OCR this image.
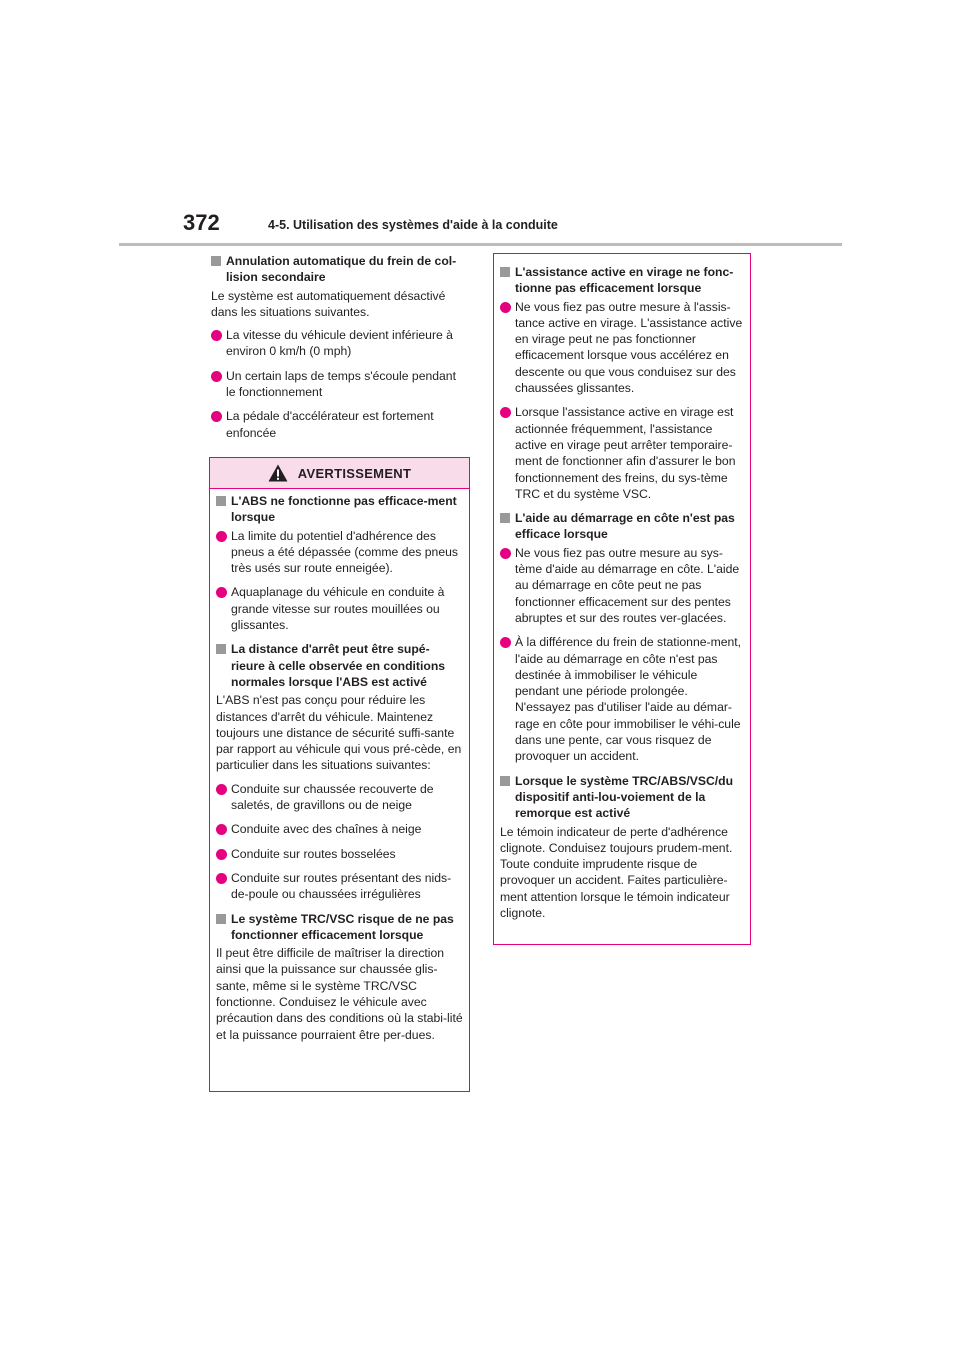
372	4-5. Utilisation des systèmes d'aide à la conduite
Annulation automatique du frein de col-lision secondaire
Le système est automatiquement désactivé dans les situations suivantes.
La vitesse du véhicule devient inférieure à environ 0 km/h (0 mph)
Un certain laps de temps s'écoule pendant le fonctionnement
La pédale d'accélérateur est fortement enfoncée
AVERTISSEMENT
L'ABS ne fonctionne pas efficace-ment lorsque
La limite du potentiel d'adhérence des pneus a été dépassée (comme des pneus très usés sur route enneigée).
Aquaplanage du véhicule en conduite à grande vitesse sur routes mouillées ou glissantes.
La distance d'arrêt peut être supé-rieure à celle observée en conditions normales lorsque l'ABS est activé
L'ABS n'est pas conçu pour réduire les distances d'arrêt du véhicule. Maintenez toujours une distance de sécurité suffi-sante par rapport au véhicule qui vous pré-cède, en particulier dans les situations suivantes:
Conduite sur chaussée recouverte de saletés, de gravillons ou de neige
Conduite avec des chaînes à neige
Conduite sur routes bosselées
Conduite sur routes présentant des nids-de-poule ou chaussées irrégulières
Le système TRC/VSC risque de ne pas fonctionner efficacement lorsque
Il peut être difficile de maîtriser la direction ainsi que la puissance sur chaussée glis-sante, même si le système TRC/VSC fonctionne. Conduisez le véhicule avec précaution dans des conditions où la stabi-lité et la puissance pourraient être per-dues.
L'assistance active en virage ne fonc-tionne pas efficacement lorsque
Ne vous fiez pas outre mesure à l'assis-tance active en virage. L'assistance active en virage peut ne pas fonctionner efficacement lorsque vous accélérez en descente ou que vous conduisez sur des chaussées glissantes.
Lorsque l'assistance active en virage est actionnée fréquemment, l'assistance active en virage peut arrêter temporaire-ment de fonctionner afin d'assurer le bon fonctionnement des freins, du sys-tème TRC et du système VSC.
L'aide au démarrage en côte n'est pas efficace lorsque
Ne vous fiez pas outre mesure au sys-tème d'aide au démarrage en côte. L'aide au démarrage en côte peut ne pas fonctionner efficacement sur des pentes abruptes et sur des routes ver-glacées.
À la différence du frein de stationne-ment, l'aide au démarrage en côte n'est pas destinée à immobiliser le véhicule pendant une période prolongée. N'essayez pas d'utiliser l'aide au démar-rage en côte pour immobiliser le véhi-cule dans une pente, car vous risquez de provoquer un accident.
Lorsque le système TRC/ABS/VSC/du dispositif anti-lou-voiement de la remorque est activé
Le témoin indicateur de perte d'adhérence clignote. Conduisez toujours prudem-ment. Toute conduite imprudente risque de provoquer un accident. Faites particulière-ment attention lorsque le témoin indicateur clignote.
